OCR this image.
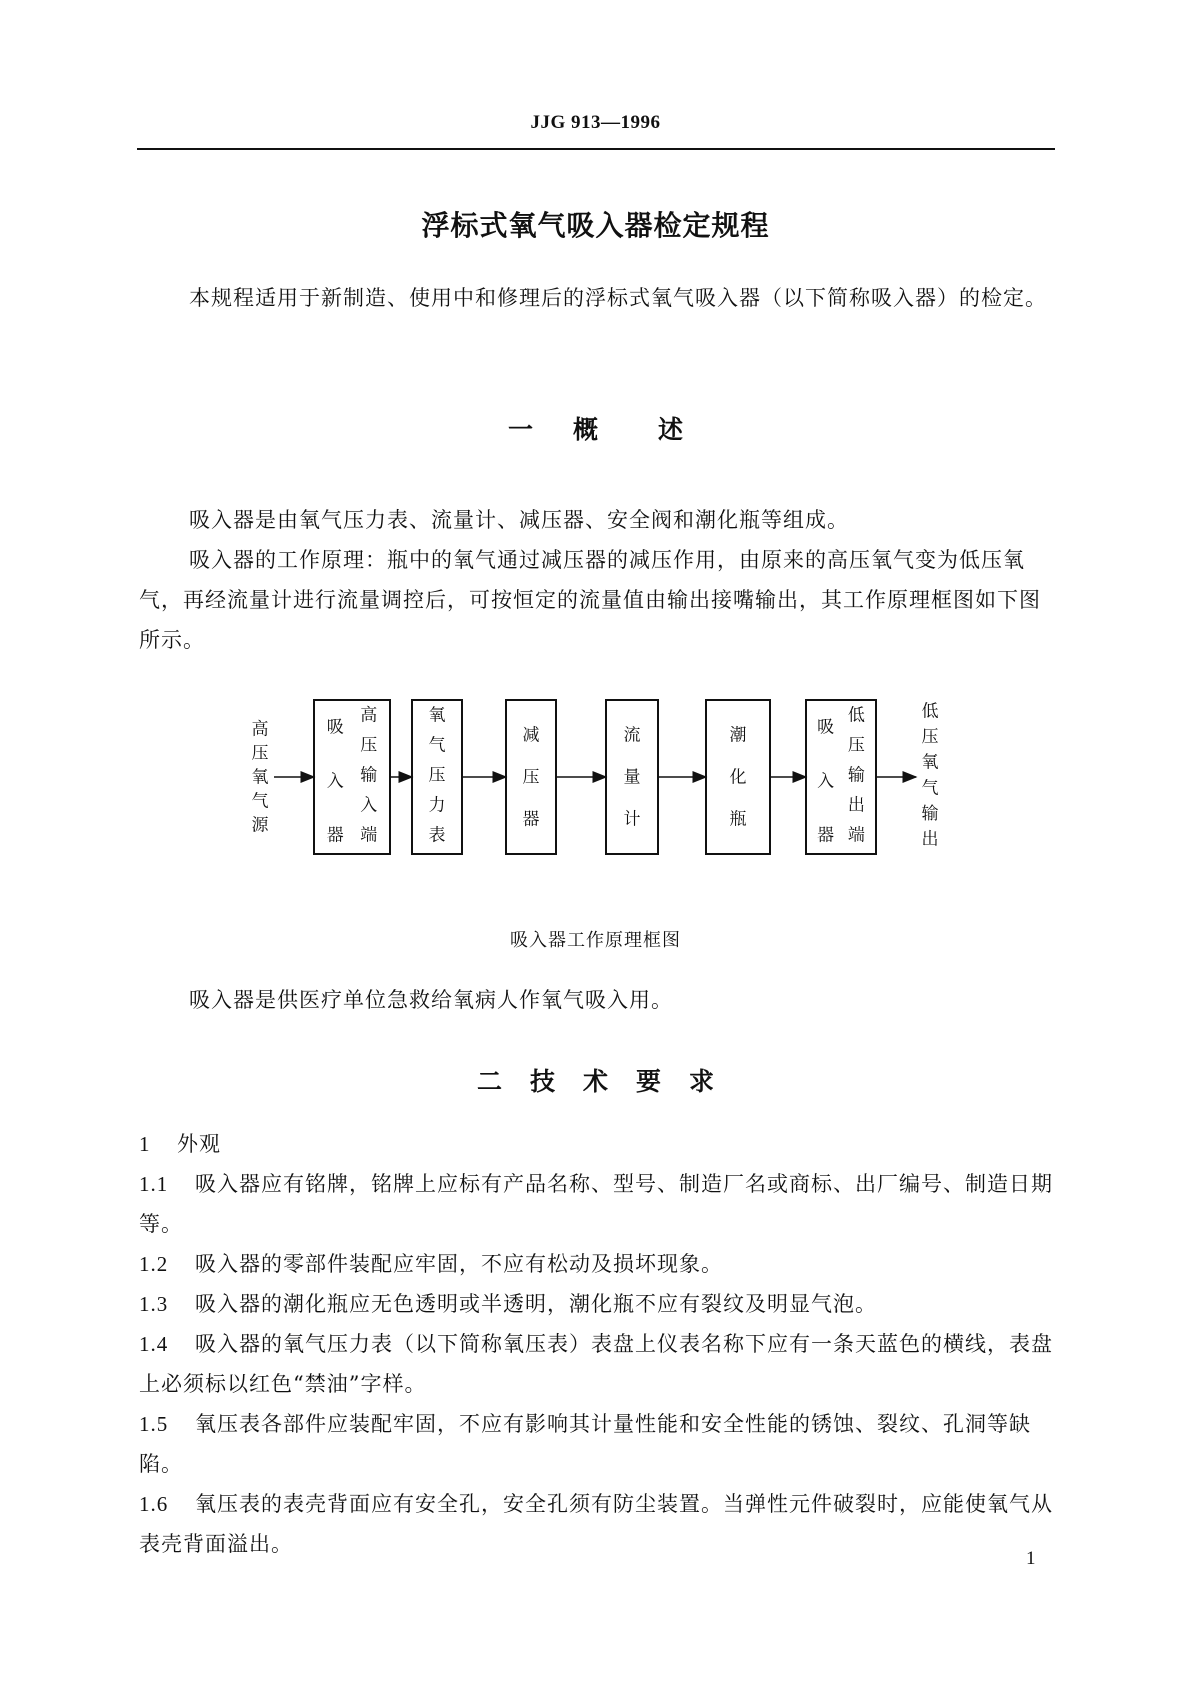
JJG 913—1996
浮标式氧气吸入器检定规程
本规程适用于新制造、使用中和修理后的浮标式氧气吸入器（以下简称吸入器）的检定。
一 概 述
吸入器是由氧气压力表、流量计、减压器、安全阀和潮化瓶等组成。
吸入器的工作原理：瓶中的氧气通过减压器的减压作用，由原来的高压氧气变为低压氧气，再经流量计进行流量调控后，可按恒定的流量值由输出接嘴输出，其工作原理框图如下图所示。
高
压
氧
气
源
低
压
氧
气
输
出
吸
入
器
高
压
输
入
端
氧
气
压
力
表
减
压
器
流
量
计
潮
化
瓶
吸
入
器
低
压
输
出
端
吸入器工作原理框图
吸入器是供医疗单位急救给氧病人作氧气吸入用。
二 技 术 要 求
1 外观
1.1 吸入器应有铭牌，铭牌上应标有产品名称、型号、制造厂名或商标、出厂编号、制造日期等。
1.2 吸入器的零部件装配应牢固，不应有松动及损坏现象。
1.3 吸入器的潮化瓶应无色透明或半透明，潮化瓶不应有裂纹及明显气泡。
1.4 吸入器的氧气压力表（以下简称氧压表）表盘上仪表名称下应有一条天蓝色的横线，表盘上必须标以红色“禁油”字样。
1.5 氧压表各部件应装配牢固，不应有影响其计量性能和安全性能的锈蚀、裂纹、孔洞等缺陷。
1.6 氧压表的表壳背面应有安全孔，安全孔须有防尘装置。当弹性元件破裂时，应能使氧气从表壳背面溢出。
1
